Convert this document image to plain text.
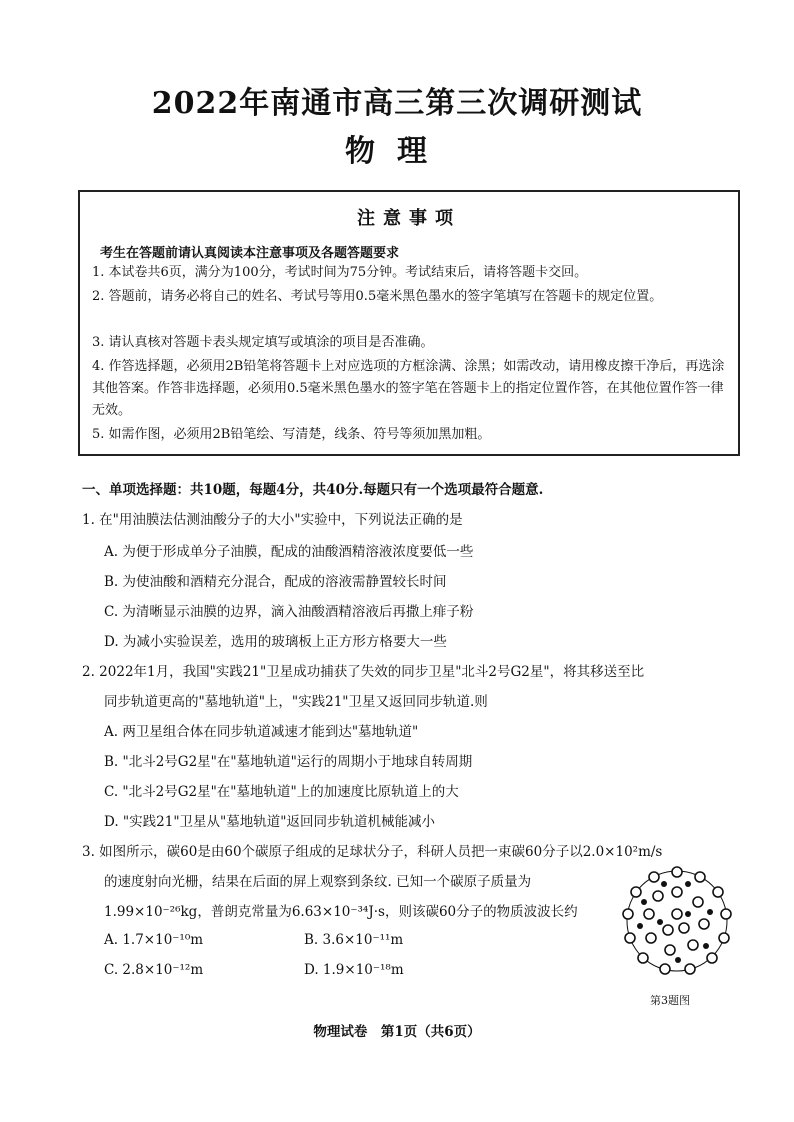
2022年南通市高三第三次调研测试
物理
注意事项
考生在答题前请认真阅读本注意事项及各题答题要求
1. 本试卷共6页，满分为100分，考试时间为75分钟。考试结束后，请将答题卡交回。
2. 答题前，请务必将自己的姓名、考试号等用0.5毫米黑色墨水的签字笔填写在答题卡的规定位置。
3. 请认真核对答题卡表头规定填写或填涂的项目是否准确。
4. 作答选择题，必须用2B铅笔将答题卡上对应选项的方框涂满、涂黑；如需改动，请用橡皮擦干净后，再选涂其他答案。作答非选择题，必须用0.5毫米黑色墨水的签字笔在答题卡上的指定位置作答，在其他位置作答一律无效。
5. 如需作图，必须用2B铅笔绘、写清楚，线条、符号等须加黑加粗。
一、单项选择题：共10题，每题4分，共40分.每题只有一个选项最符合题意.
1. 在"用油膜法估测油酸分子的大小"实验中，下列说法正确的是
A. 为便于形成单分子油膜，配成的油酸酒精溶液浓度要低一些
B. 为使油酸和酒精充分混合，配成的溶液需静置较长时间
C. 为清晰显示油膜的边界，滴入油酸酒精溶液后再撒上痱子粉
D. 为减小实验误差，选用的玻璃板上正方形方格要大一些
2. 2022年1月，我国"实践21"卫星成功捕获了失效的同步卫星"北斗2号G2星"，将其移送至比
同步轨道更高的"墓地轨道"上，"实践21"卫星又返回同步轨道.则
A. 两卫星组合体在同步轨道减速才能到达"墓地轨道"
B. "北斗2号G2星"在"墓地轨道"运行的周期小于地球自转周期
C. "北斗2号G2星"在"墓地轨道"上的加速度比原轨道上的大
D. "实践21"卫星从"墓地轨道"返回同步轨道机械能减小
3. 如图所示，碳60是由60个碳原子组成的足球状分子，科研人员把一束碳60分子以2.0×10²m/s
的速度射向光栅，结果在后面的屏上观察到条纹. 已知一个碳原子质量为
1.99×10⁻²⁶kg，普朗克常量为6.63×10⁻³⁴J·s，则该碳60分子的物质波波长约
A. 1.7×10⁻¹⁰m	B. 3.6×10⁻¹¹m
C. 2.8×10⁻¹²m	D. 1.9×10⁻¹⁸m
第3题图
物理试卷　第1页（共6页）
